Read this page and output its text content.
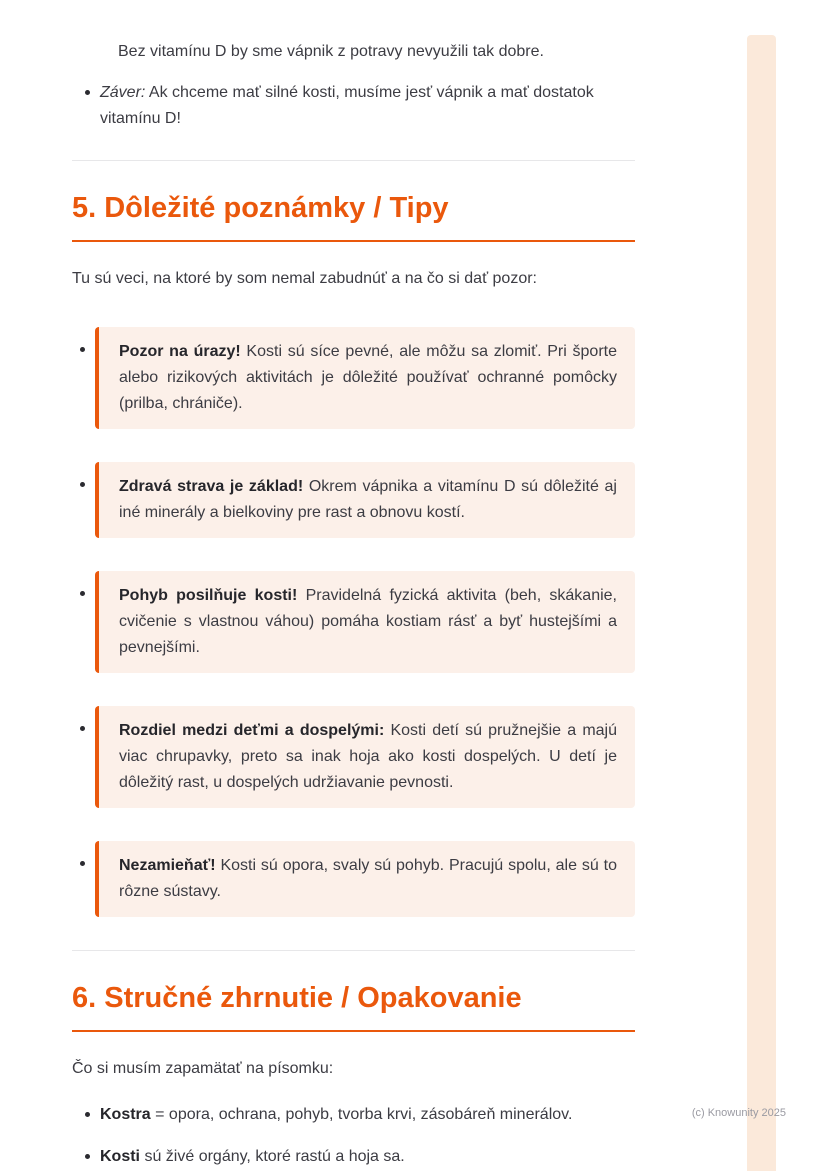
Bez vitamínu D by sme vápnik z potravy nevyužili tak dobre.

Záver: Ak chceme mať silné kosti, musíme jesť vápnik a mať dostatok vitamínu D!
5. Dôležité poznámky / Tipy

Tu sú veci, na ktoré by som nemal zabudnúť a na čo si dať pozor:

Pozor na úrazy! Kosti sú síce pevné, ale môžu sa zlomiť. Pri športe alebo rizikových aktivitách je dôležité používať ochranné pomôcky (prilba, chrániče).
Zdravá strava je základ! Okrem vápnika a vitamínu D sú dôležité aj iné minerály a bielkoviny pre rast a obnovu kostí.
Pohyb posilňuje kosti! Pravidelná fyzická aktivita (beh, skákanie, cvičenie s vlastnou váhou) pomáha kostiam rásť a byť hustejšími a pevnejšími.
Rozdiel medzi deťmi a dospelými: Kosti detí sú pružnejšie a majú viac chrupavky, preto sa inak hoja ako kosti dospelých. U detí je dôležitý rast, u dospelých udržiavanie pevnosti.
Nezamieňať! Kosti sú opora, svaly sú pohyb. Pracujú spolu, ale sú to rôzne sústavy.
6. Stručné zhrnutie / Opakovanie

Čo si musím zapamätať na písomku:

Kostra = opora, ochrana, pohyb, tvorba krvi, zásobáreň minerálov.
Kosti sú živé orgány, ktoré rastú a hoja sa.
(c) Knowunity 2025
